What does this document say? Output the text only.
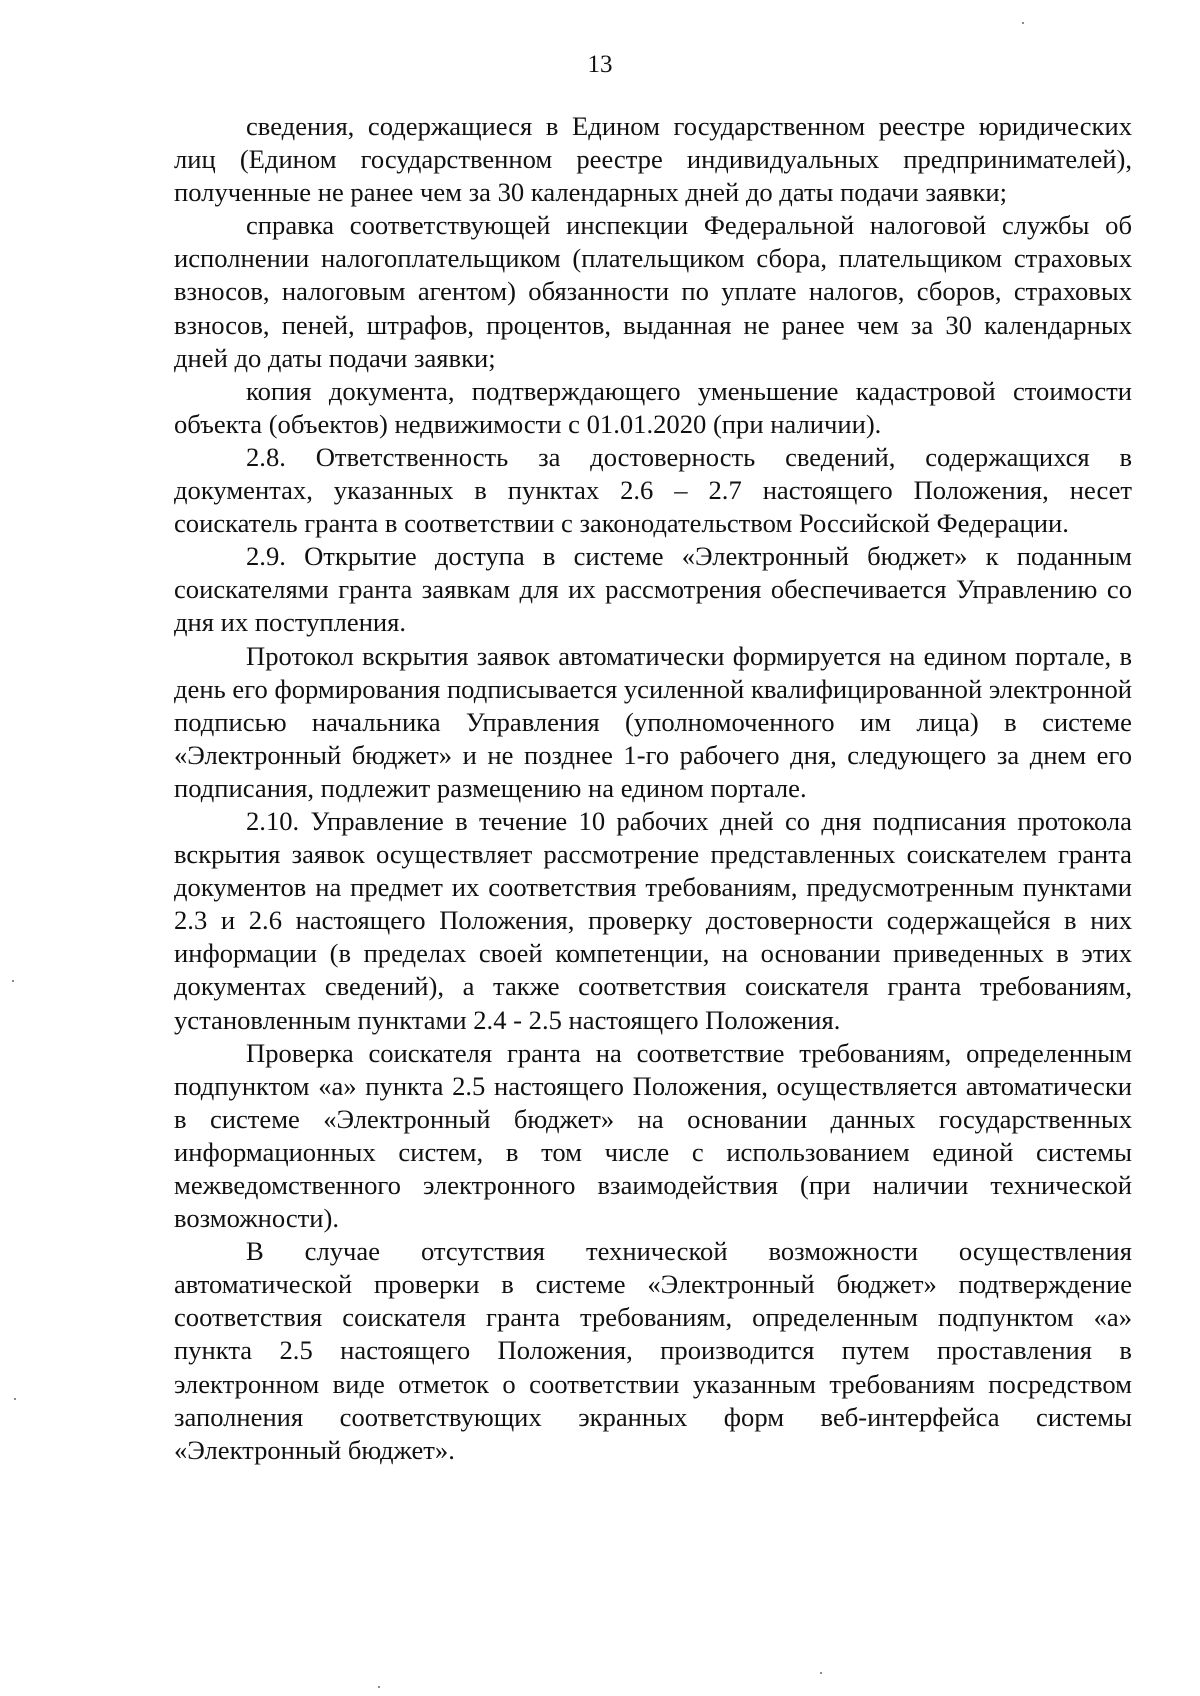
13

сведения, содержащиеся в Едином государственном реестре юридических лиц (Едином государственном реестре индивидуальных предпринимателей), полученные не ранее чем за 30 календарных дней до даты подачи заявки;

справка соответствующей инспекции Федеральной налоговой службы об исполнении налогоплательщиком (плательщиком сбора, плательщиком страховых взносов, налоговым агентом) обязанности по уплате налогов, сборов, страховых взносов, пеней, штрафов, процентов, выданная не ранее чем за 30 календарных дней до даты подачи заявки;

копия документа, подтверждающего уменьшение кадастровой стоимости объекта (объектов) недвижимости с 01.01.2020 (при наличии).

2.8. Ответственность за достоверность сведений, содержащихся в документах, указанных в пунктах 2.6 – 2.7 настоящего Положения, несет соискатель гранта в соответствии с законодательством Российской Федерации.

2.9. Открытие доступа в системе «Электронный бюджет» к поданным соискателями гранта заявкам для их рассмотрения обеспечивается Управлению со дня их поступления.

Протокол вскрытия заявок автоматически формируется на едином портале, в день его формирования подписывается усиленной квалифицированной электронной подписью начальника Управления (уполномоченного им лица) в системе «Электронный бюджет» и не позднее 1-го рабочего дня, следующего за днем его подписания, подлежит размещению на едином портале.

2.10. Управление в течение 10 рабочих дней со дня подписания протокола вскрытия заявок осуществляет рассмотрение представленных соискателем гранта документов на предмет их соответствия требованиям, предусмотренным пунктами 2.3 и 2.6 настоящего Положения, проверку достоверности содержащейся в них информации (в пределах своей компетенции, на основании приведенных в этих документах сведений), а также соответствия соискателя гранта требованиям, установленным пунктами 2.4 - 2.5 настоящего Положения.

Проверка соискателя гранта на соответствие требованиям, определенным подпунктом «а» пункта 2.5 настоящего Положения, осуществляется автоматически в системе «Электронный бюджет» на основании данных государственных информационных систем, в том числе с использованием единой системы межведомственного электронного взаимодействия (при наличии технической возможности).

В случае отсутствия технической возможности осуществления автоматической проверки в системе «Электронный бюджет» подтверждение соответствия соискателя гранта требованиям, определенным подпунктом «а» пункта 2.5 настоящего Положения, производится путем проставления в электронном виде отметок о соответствии указанным требованиям посредством заполнения соответствующих экранных форм веб-интерфейса системы «Электронный бюджет».
